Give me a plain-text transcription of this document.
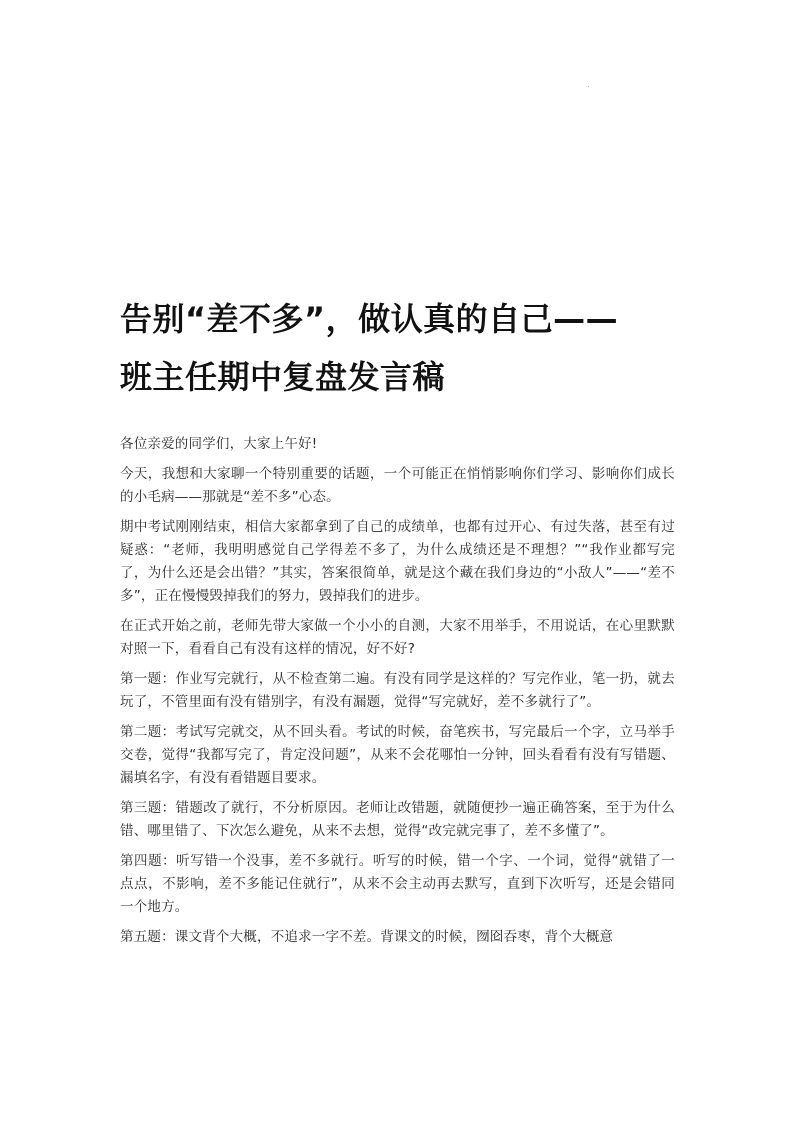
告别“差不多”，做认真的自己——
班主任期中复盘发言稿

各位亲爱的同学们，大家上午好!

今天，我想和大家聊一个特别重要的话题，一个可能正在悄悄影响你们学习、影响你们成长的小毛病——那就是“差不多”心态。

期中考试刚刚结束，相信大家都拿到了自己的成绩单，也都有过开心、有过失落，甚至有过疑惑：“老师，我明明感觉自己学得差不多了，为什么成绩还是不理想？”“我作业都写完了，为什么还是会出错？”其实，答案很简单，就是这个藏在我们身边的“小敌人”——“差不多”，正在慢慢毁掉我们的努力，毁掉我们的进步。

在正式开始之前，老师先带大家做一个小小的自测，大家不用举手，不用说话，在心里默默对照一下，看看自己有没有这样的情况，好不好?

第一题：作业写完就行，从不检查第二遍。有没有同学是这样的？写完作业，笔一扔，就去玩了，不管里面有没有错别字，有没有漏题，觉得“写完就好，差不多就行了”。

第二题：考试写完就交，从不回头看。考试的时候，奋笔疾书，写完最后一个字，立马举手交卷，觉得“我都写完了，肯定没问题”，从来不会花哪怕一分钟，回头看看有没有写错题、漏填名字，有没有看错题目要求。

第三题：错题改了就行，不分析原因。老师让改错题，就随便抄一遍正确答案，至于为什么错、哪里错了、下次怎么避免，从来不去想，觉得“改完就完事了，差不多懂了”。

第四题：听写错一个没事，差不多就行。听写的时候，错一个字、一个词，觉得“就错了一点点，不影响，差不多能记住就行”，从来不会主动再去默写，直到下次听写，还是会错同一个地方。

第五题：课文背个大概，不追求一字不差。背课文的时候，囫囵吞枣，背个大概意
